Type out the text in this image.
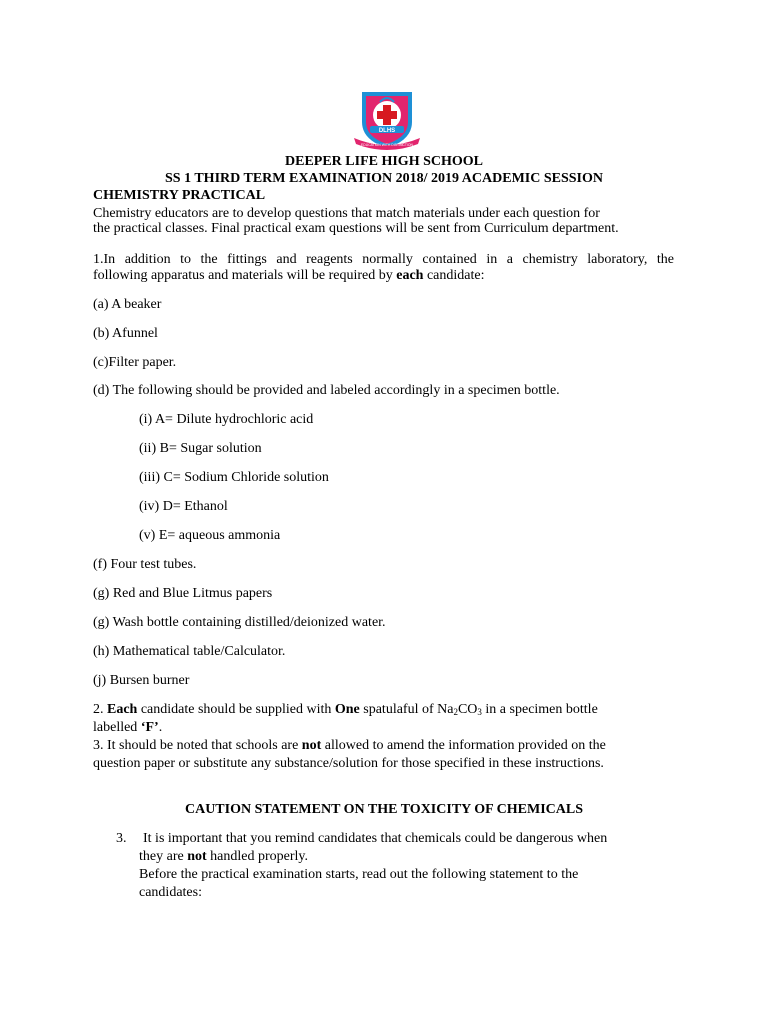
DLHS
EDUCATION WITH DISTINCTION
DEEPER LIFE HIGH SCHOOL
SS 1 THIRD TERM EXAMINATION 2018/ 2019 ACADEMIC SESSION
CHEMISTRY PRACTICAL
Chemistry educators are to develop questions that match materials under each question for
the practical classes. Final practical exam questions will be sent from Curriculum department.
1.In addition to the fittings and reagents normally contained in a chemistry laboratory, the
following apparatus and materials will be required by each candidate:
(a) A beaker
(b) Afunnel
(c)Filter paper.
(d) The following should be provided and labeled accordingly in a specimen bottle.
(i) A= Dilute hydrochloric acid
(ii) B= Sugar solution
(iii) C= Sodium Chloride solution
(iv) D= Ethanol
(v) E= aqueous ammonia
(f) Four test tubes.
(g) Red and Blue Litmus papers
(g) Wash bottle containing distilled/deionized water.
(h) Mathematical table/Calculator.
(j) Bursen burner
2. Each candidate should be supplied with One spatulaful of $Na_2CO_3$ in a specimen bottle
labelled ‘F’.
3. It should be noted that schools are not allowed to amend the information provided on the
question paper or substitute any substance/solution for those specified in these instructions.
CAUTION STATEMENT ON THE TOXICITY OF CHEMICALS
3. It is important that you remind candidates that chemicals could be dangerous when
they are not handled properly.
Before the practical examination starts, read out the following statement to the
candidates:
